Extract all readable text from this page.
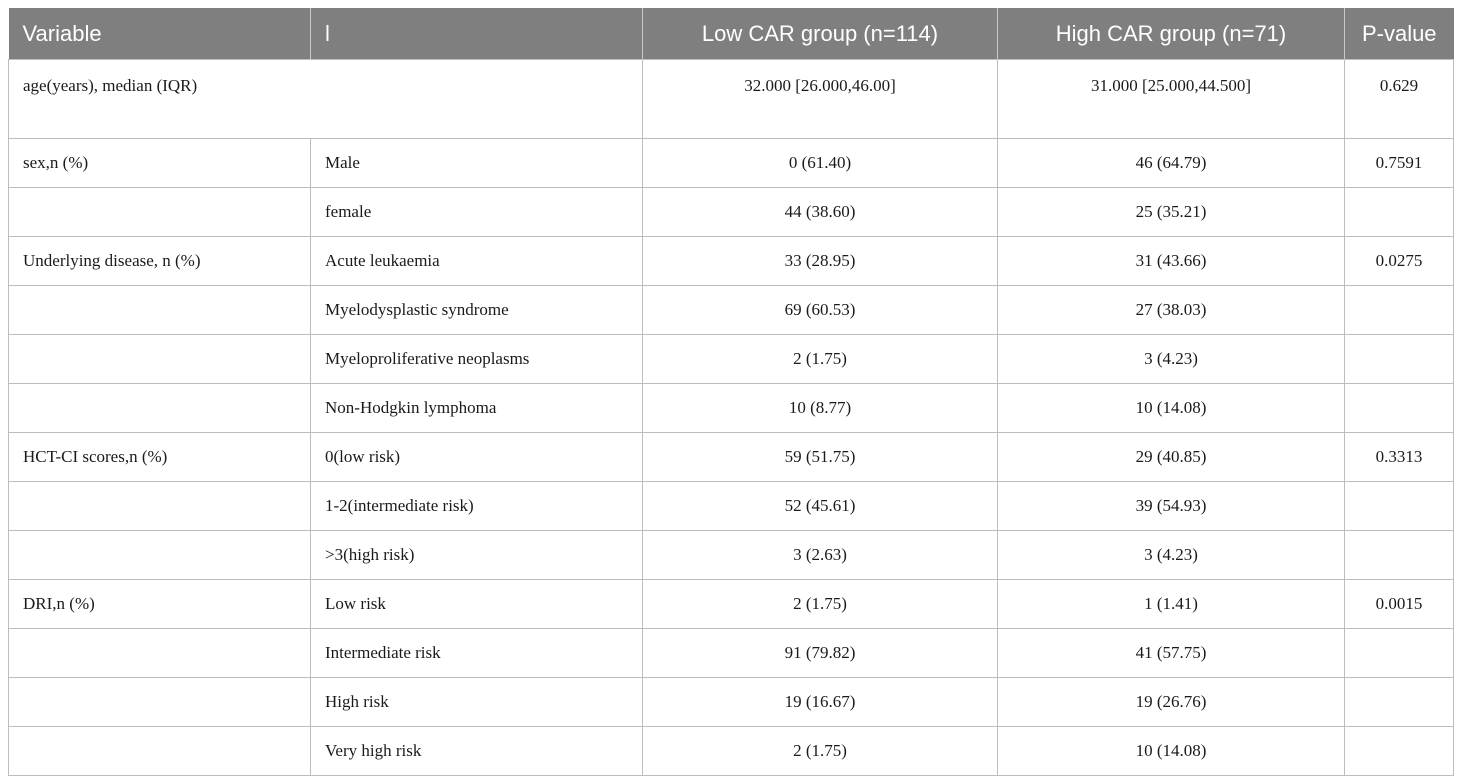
Variable	l	Low CAR group (n=114)	High CAR group (n=71)	P-value
age(years), median (IQR)		32.000 [26.000,46.00]	31.000 [25.000,44.500]	0.629
sex,n (%)	Male	0 (61.40)	46 (64.79)	0.7591
	female	44 (38.60)	25 (35.21)	
Underlying disease, n (%)	Acute leukaemia	33 (28.95)	31 (43.66)	0.0275
	Myelodysplastic syndrome	69 (60.53)	27 (38.03)	
	Myeloproliferative neoplasms	2 (1.75)	3 (4.23)	
	Non-Hodgkin lymphoma	10 (8.77)	10 (14.08)	
HCT-CI scores,n (%)	0(low risk)	59 (51.75)	29 (40.85)	0.3313
	1-2(intermediate risk)	52 (45.61)	39 (54.93)	
	>3(high risk)	3 (2.63)	3 (4.23)	
DRI,n (%)	Low risk	2 (1.75)	1 (1.41)	0.0015
	Intermediate risk	91 (79.82)	41 (57.75)	
	High risk	19 (16.67)	19 (26.76)	
	Very high risk	2 (1.75)	10 (14.08)	
